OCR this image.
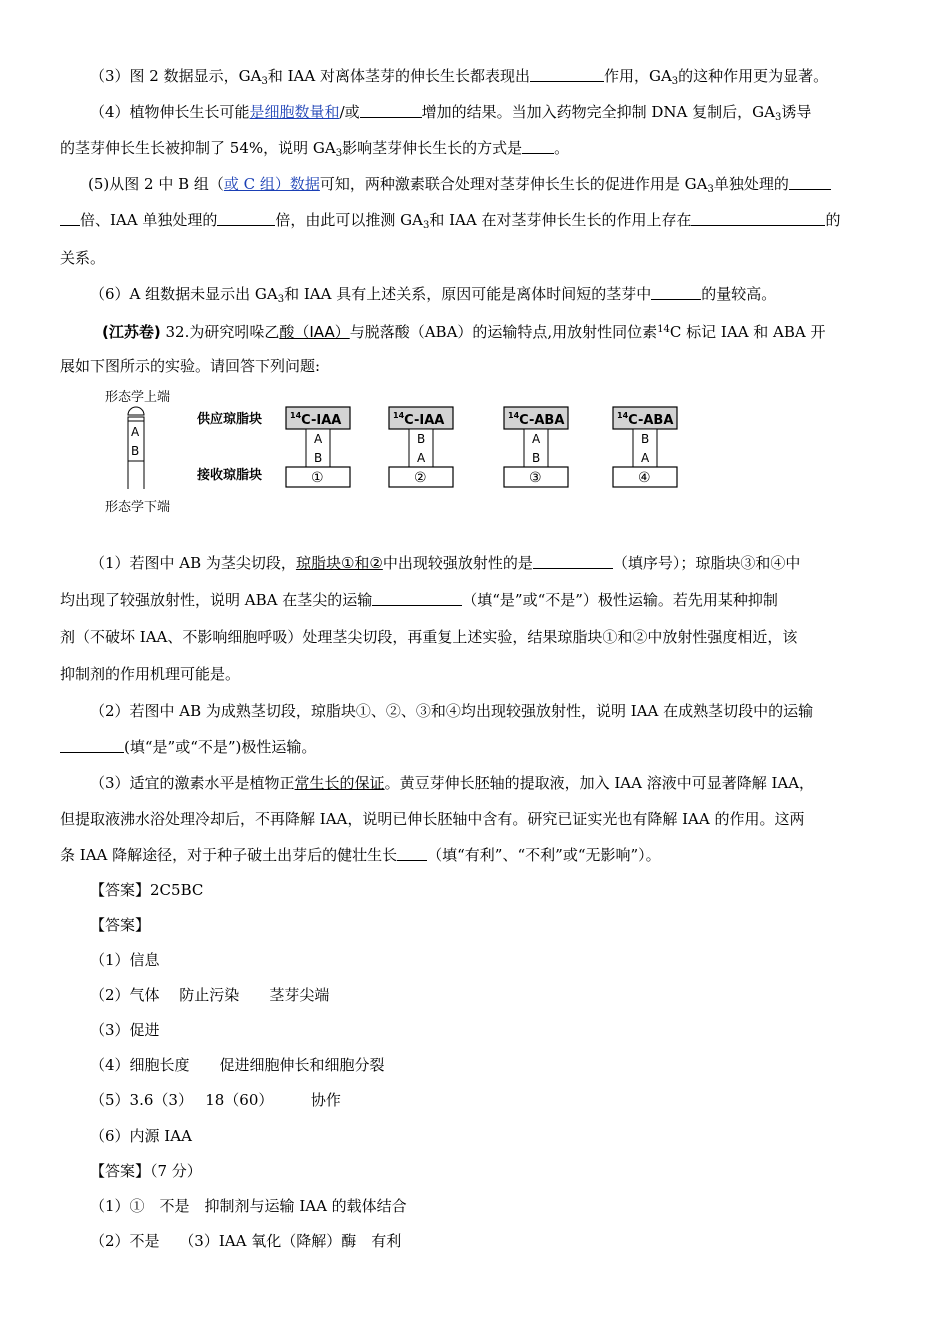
（3）图 2 数据显示，$GA_3$和 IAA 对离体茎芽的伸长生长都表现出	作用，$GA_3$的这种作用更为显著。
（4）植物伸长生长可能是细胞数量和/或	增加的结果。当加入药物完全抑制 DNA 复制后，$GA_3$诱导
的茎芽伸长生长被抑制了 54%，说明 $GA_3$影响茎芽伸长生长的方式是 。
(5)从图 2 中 B 组（或 C 组）数据可知，两种激素联合处理对茎芽伸长生长的促进作用是 $GA_3$单独处理的
倍、IAA 单独处理的	倍，由此可以推测 $GA_3$和 IAA 在对茎芽伸长生长的作用上存在	的
关系。
（6）A 组数据未显示出 $GA_3$和 IAA 具有上述关系，原因可能是离体时间短的茎芽中	的量较高。
(江苏卷) 32.为研究吲哚乙酸（IAA）与脱落酸（ABA）的运输特点,用放射性同位素$^{14}$C 标记 IAA 和 ABA 开
展如下图所示的实验。请回答下列问题:
形态学上端
A
B
形态学下端
供应琼脂块
接收琼脂块
$^{14}$C-IAA
A
B
①
$^{14}$C-IAA
B
A
②
$^{14}$C-ABA
A
B
③
$^{14}$C-ABA
B
A
④
（1）若图中 AB 为茎尖切段，琼脂块①和②中出现较强放射性的是	（填序号）；琼脂块③和④中
均出现了较强放射性，说明 ABA 在茎尖的运输	（填“是”或“不是”）极性运输。若先用某种抑制
剂（不破坏 IAA、不影响细胞呼吸）处理茎尖切段，再重复上述实验，结果琼脂块①和②中放射性强度相近，该
抑制剂的作用机理可能是。
（2）若图中 AB 为成熟茎切段，琼脂块①、②、③和④均出现较强放射性，说明 IAA 在成熟茎切段中的运输
(填“是”或“不是”)极性运输。
（3）适宜的激素水平是植物正常生长的保证。黄豆芽伸长胚轴的提取液，加入 IAA 溶液中可显著降解 IAA，
但提取液沸水浴处理冷却后，不再降解 IAA，说明已伸长胚轴中含有。研究已证实光也有降解 IAA 的作用。这两
条 IAA 降解途径，对于种子破土出芽后的健壮生长 （填“有利”、“不利”或“无影响”）。
【答案】2C5BC
【答案】
（1）信息
（2）气体　 防止污染　　茎芽尖端
（3）促进
（4）细胞长度　　促进细胞伸长和细胞分裂
（5）3.6（3）　 18（60）　　　协作
（6）内源 IAA
【答案】（7 分）
（1）①　不是　抑制剂与运输 IAA 的载体结合
（2）不是　 （3）IAA 氧化（降解）酶　有利
